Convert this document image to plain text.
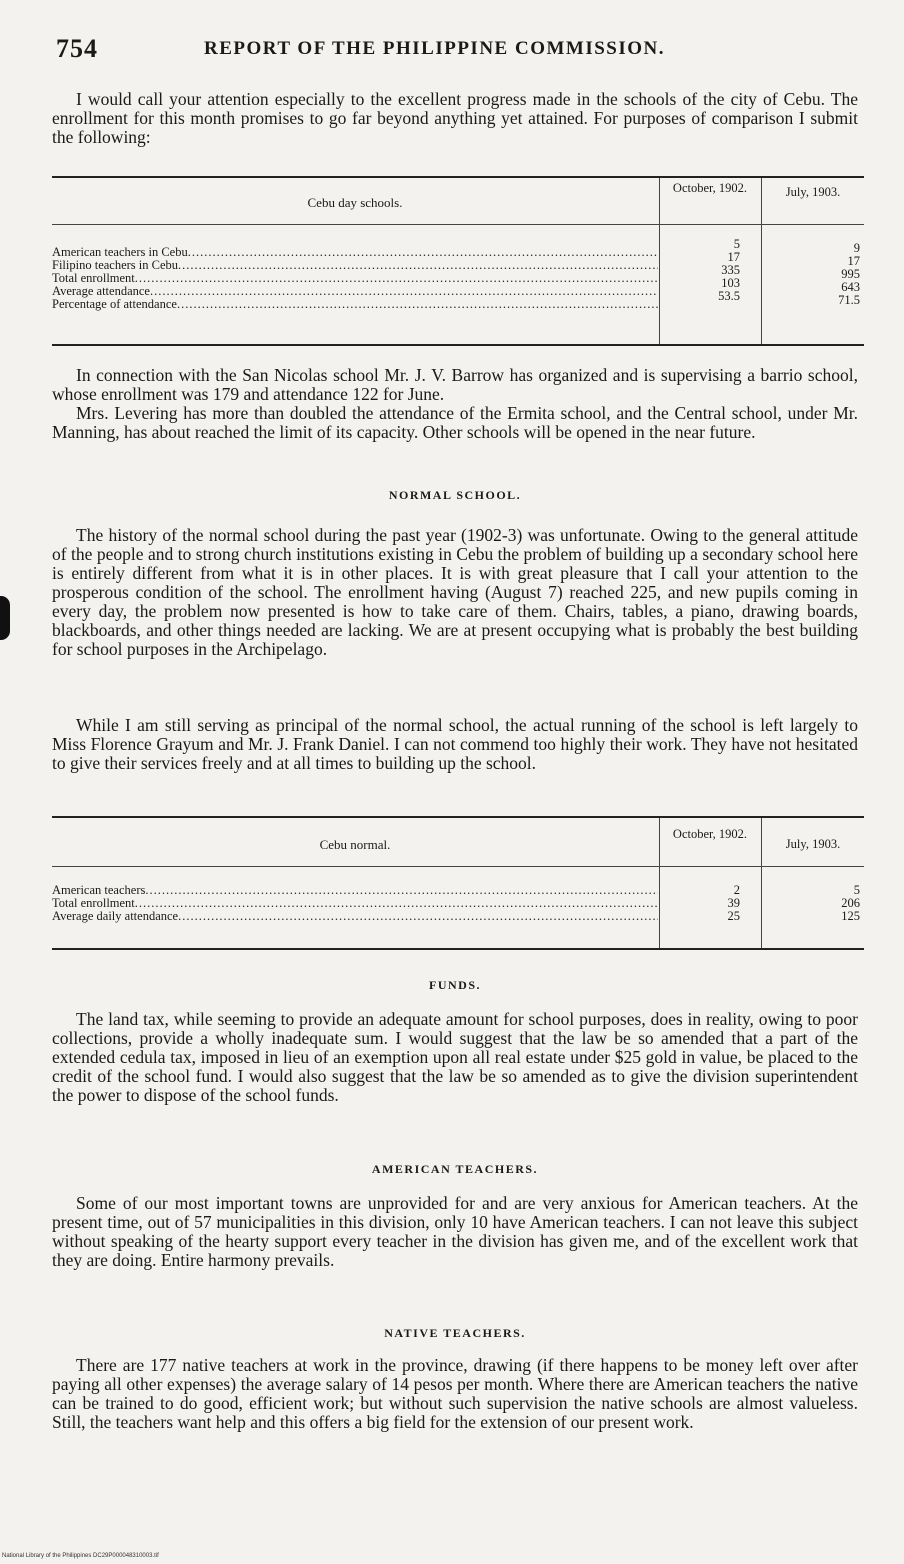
754	REPORT OF THE PHILIPPINE COMMISSION.

I would call your attention especially to the excellent progress made in the schools of the city of Cebu. The enrollment for this month promises to go far beyond anything yet attained. For purposes of comparison I submit the following:

Cebu day schools.
October, 1902.	July, 1903.
American teachers in Cebu .....
Filipino teachers in Cebu .....
Total enrollment .....
Average attendance .....
Percentage of attendance .....
5
17
335
103
53.5
9
17
995
643
71.5

In connection with the San Nicolas school Mr. J. V. Barrow has organized and is supervising a barrio school, whose enrollment was 179 and attendance 122 for June.

Mrs. Levering has more than doubled the attendance of the Ermita school, and the Central school, under Mr. Manning, has about reached the limit of its capacity. Other schools will be opened in the near future.

NORMAL SCHOOL.

The history of the normal school during the past year (1902-3) was unfortunate. Owing to the general attitude of the people and to strong church institutions existing in Cebu the problem of building up a secondary school here is entirely different from what it is in other places. It is with great pleasure that I call your attention to the prosperous condition of the school. The enrollment having (August 7) reached 225, and new pupils coming in every day, the problem now presented is how to take care of them. Chairs, tables, a piano, drawing boards, blackboards, and other things needed are lacking. We are at present occupying what is probably the best building for school purposes in the Archipelago.

While I am still serving as principal of the normal school, the actual running of the school is left largely to Miss Florence Grayum and Mr. J. Frank Daniel. I can not commend too highly their work. They have not hesitated to give their services freely and at all times to building up the school.

Cebu normal.
October, 1902.
July, 1903.
American teachers .....
Total enrollment .....
Average daily attendance .....
2
39
25
5
206
125
FUNDS.

The land tax, while seeming to provide an adequate amount for school purposes, does in reality, owing to poor collections, provide a wholly inadequate sum. I would suggest that the law be so amended that a part of the extended cedula tax, imposed in lieu of an exemption upon all real estate under $25 gold in value, be placed to the credit of the school fund. I would also suggest that the law be so amended as to give the division superintendent the power to dispose of the school funds.

AMERICAN TEACHERS.

Some of our most important towns are unprovided for and are very anxious for American teachers. At the present time, out of 57 municipalities in this division, only 10 have American teachers. I can not leave this subject without speaking of the hearty support every teacher in the division has given me, and of the excellent work that they are doing. Entire harmony prevails.

NATIVE TEACHERS.

There are 177 native teachers at work in the province, drawing (if there happens to be money left over after paying all other expenses) the average salary of 14 pesos per month. Where there are American teachers the native can be trained to do good, efficient work; but without such supervision the native schools are almost valueless. Still, the teachers want help and this offers a big field for the extension of our present work.

National Library of the Philippines DC29P000048310003.tif
